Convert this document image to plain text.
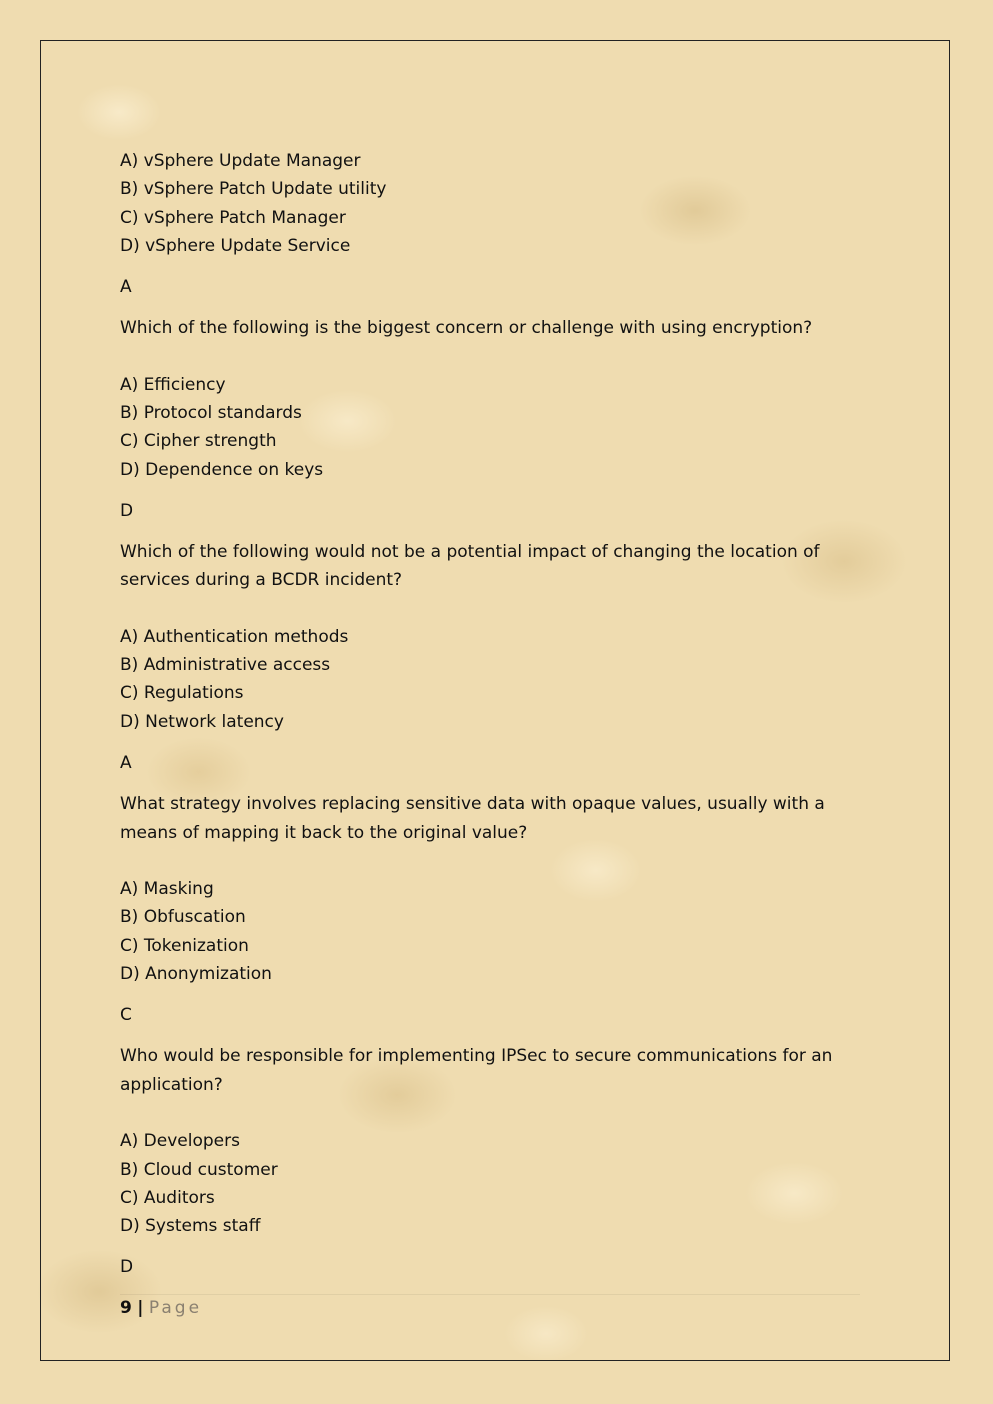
A) vSphere Update Manager
B) vSphere Patch Update utility
C) vSphere Patch Manager
D) vSphere Update Service
A
Which of the following is the biggest concern or challenge with using encryption?
A) Efficiency
B) Protocol standards
C) Cipher strength
D) Dependence on keys
D
Which of the following would not be a potential impact of changing the location of services during a BCDR incident?
A) Authentication methods
B) Administrative access
C) Regulations
D) Network latency
A
What strategy involves replacing sensitive data with opaque values, usually with a means of mapping it back to the original value?
A) Masking
B) Obfuscation
C) Tokenization
D) Anonymization
C
Who would be responsible for implementing IPSec to secure communications for an application?
A) Developers
B) Cloud customer
C) Auditors
D) Systems staff
D
9 | Page
